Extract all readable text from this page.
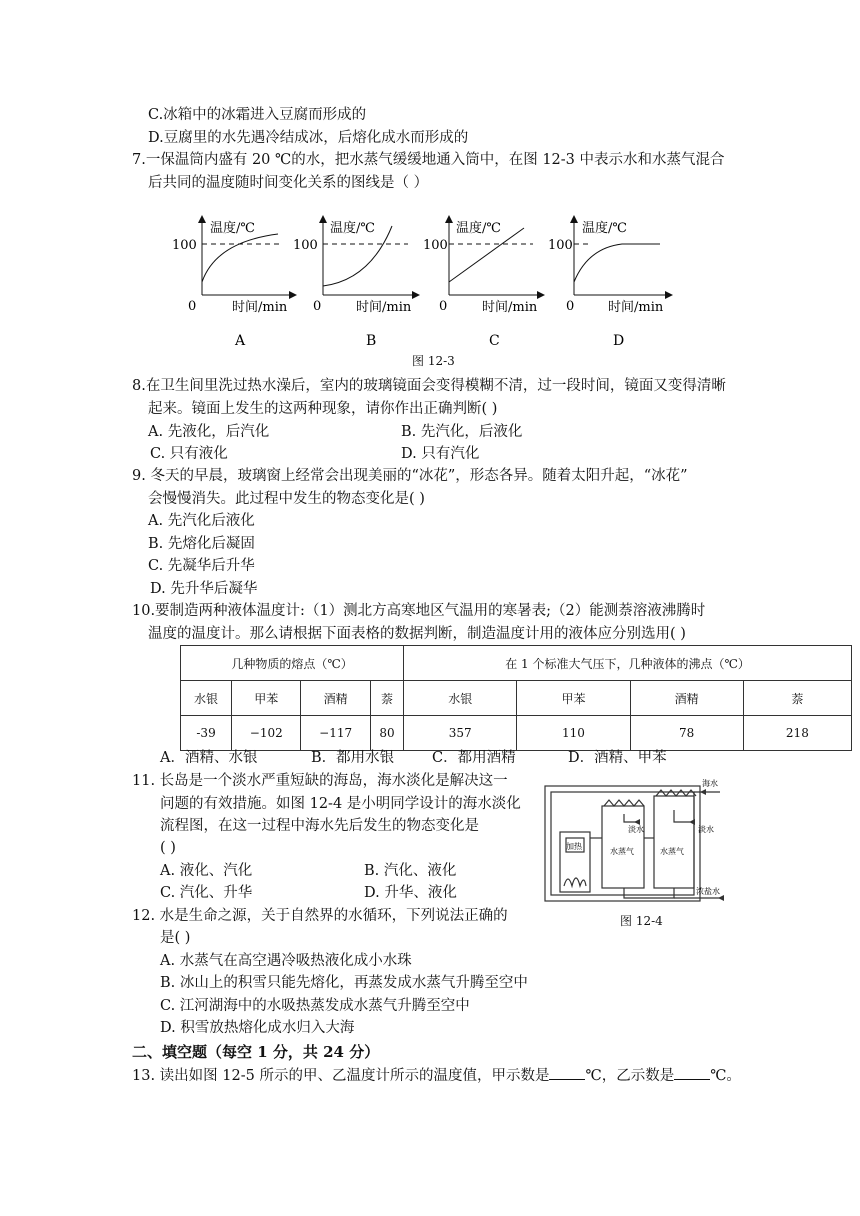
C.冰箱中的冰霜进入豆腐而形成的
D.豆腐里的水先遇冷结成冰，后熔化成水而形成的
7.一保温筒内盛有 20 ℃的水，把水蒸气缓缓地通入筒中，在图 12-3 中表示水和水蒸气混合
后共同的温度随时间变化关系的图线是（ ）
温度/℃
100
0	时间/min
A
温度/℃
100
0	时间/min
B
温度/℃
100
0	时间/min
C
温度/℃
100
0	时间/min
D
图 12-3
8.在卫生间里洗过热水澡后，室内的玻璃镜面会变得模糊不清，过一段时间，镜面又变得清晰
起来。镜面上发生的这两种现象，请你作出正确判断( )
A. 先液化，后汽化	B. 先汽化，后液化
C. 只有液化	D. 只有汽化
9. 冬天的早晨，玻璃窗上经常会出现美丽的“冰花”，形态各异。随着太阳升起，“冰花”
会慢慢消失。此过程中发生的物态变化是( )
A. 先汽化后液化
B. 先熔化后凝固
C. 先凝华后升华
D. 先升华后凝华
10.要制造两种液体温度计:（1）测北方高寒地区气温用的寒暑表;（2）能测萘溶液沸腾时
温度的温度计。那么请根据下面表格的数据判断，制造温度计用的液体应分别选用( )
几种物质的熔点（℃）				在 1 个标准大气压下，几种液体的沸点（℃）			
水银	甲苯	酒精	萘	水银	甲苯	酒精	萘
-39	−102	−117	80	357	110	78	218
A．酒精、水银	B．都用水银	C．都用酒精	D．酒精、甲苯
11. 长岛是一个淡水严重短缺的海岛，海水淡化是解决这一
问题的有效措施。如图 12-4 是小明同学设计的海水淡化
流程图，在这一过程中海水先后发生的物态变化是
( )
A. 液化、汽化	B. 汽化、液化
C. 汽化、升华	D. 升华、液化
海水
淡水	淡水
加热
水蒸气	水蒸气
浓盐水
图 12-4
12. 水是生命之源，关于自然界的水循环，下列说法正确的
是( )
A. 水蒸气在高空遇冷吸热液化成小水珠
B. 冰山上的积雪只能先熔化，再蒸发成水蒸气升腾至空中
C. 江河湖海中的水吸热蒸发成水蒸气升腾至空中
D. 积雪放热熔化成水归入大海
二、填空题（每空 1 分，共 24 分）
13. 读出如图 12-5 所示的甲、乙温度计所示的温度值，甲示数是 ℃，乙示数是 ℃。
